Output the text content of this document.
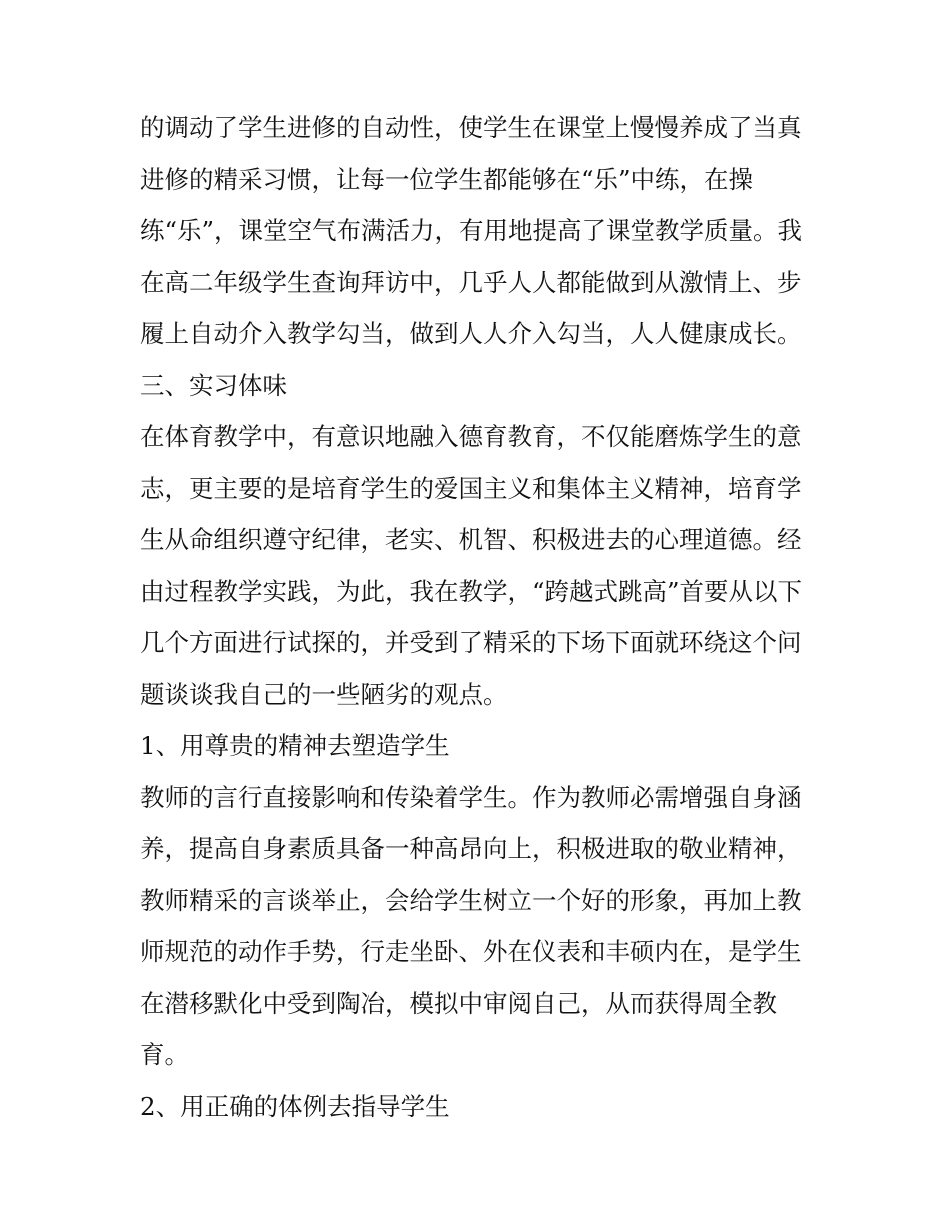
的调动了学生进修的自动性，使学生在课堂上慢慢养成了当真
进修的精采习惯，让每一位学生都能够在“乐”中练，在操
练“乐”，课堂空气布满活力，有用地提高了课堂教学质量。我
在高二年级学生查询拜访中，几乎人人都能做到从激情上、步
履上自动介入教学勾当，做到人人介入勾当，人人健康成长。
三、实习体味
在体育教学中，有意识地融入德育教育，不仅能磨炼学生的意
志，更主要的是培育学生的爱国主义和集体主义精神，培育学
生从命组织遵守纪律，老实、机智、积极进去的心理道德。经
由过程教学实践，为此，我在教学，“跨越式跳高”首要从以下
几个方面进行试探的，并受到了精采的下场下面就环绕这个问
题谈谈我自己的一些陋劣的观点。
1、用尊贵的精神去塑造学生
教师的言行直接影响和传染着学生。作为教师必需增强自身涵
养，提高自身素质具备一种高昂向上，积极进取的敬业精神，
教师精采的言谈举止，会给学生树立一个好的形象，再加上教
师规范的动作手势，行走坐卧、外在仪表和丰硕内在，是学生
在潜移默化中受到陶冶，模拟中审阅自己，从而获得周全教
育。
2、用正确的体例去指导学生
